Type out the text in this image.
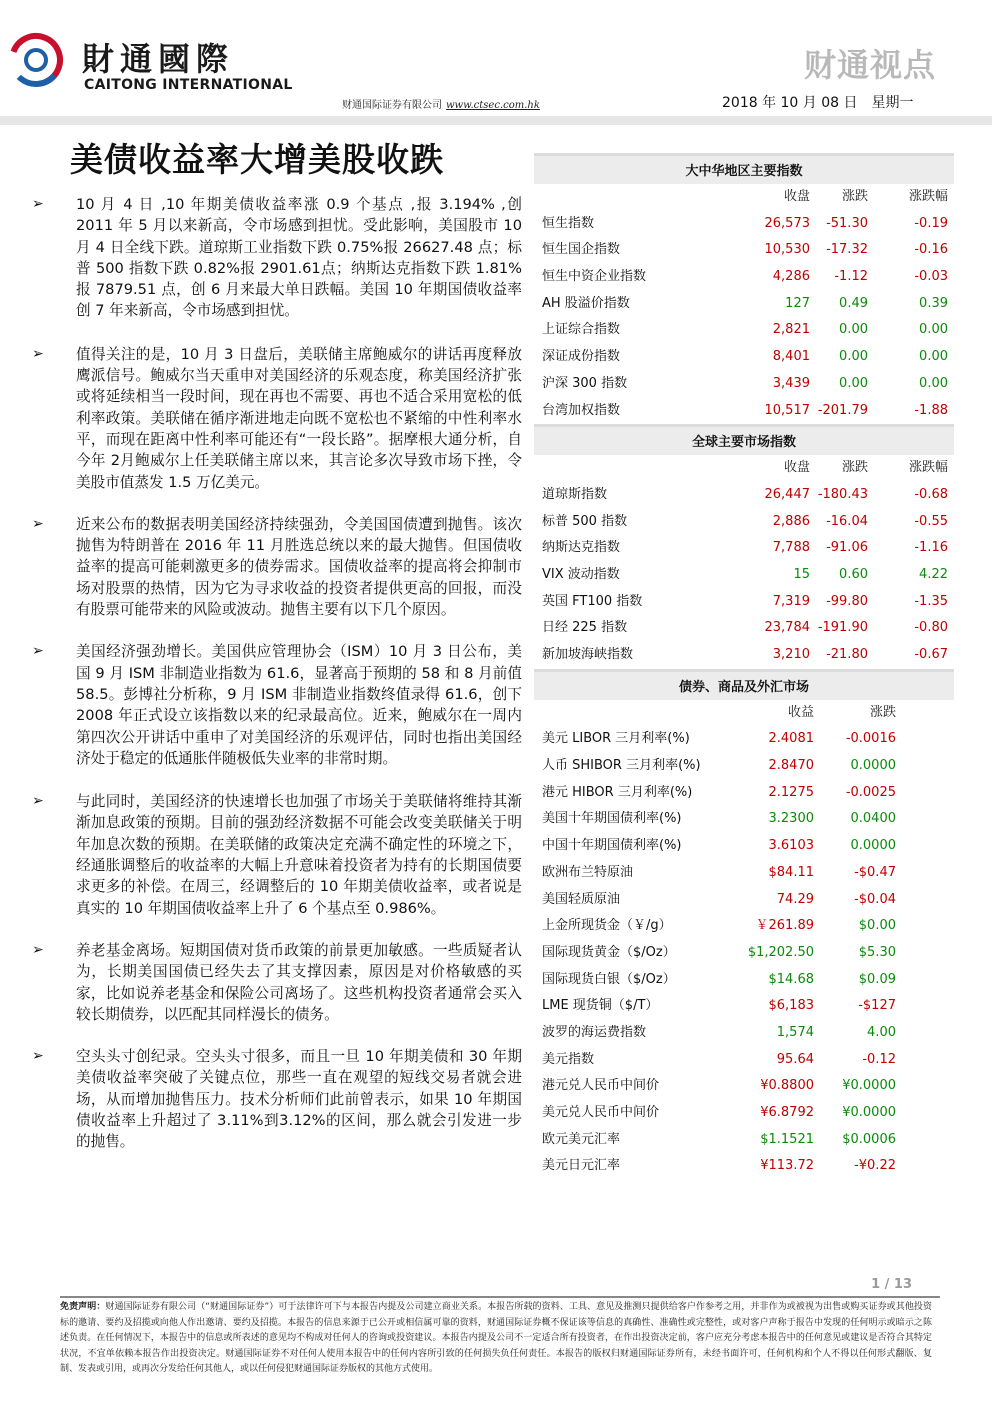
財通國際
CAITONG INTERNATIONAL
财通视点
财通国际证券有限公司 www.ctsec.com.hk	2018 年 10 月 08 日 星期一
美债收益率大增美股收跌
➢ 10 月 4 日 ,10 年期美债收益率涨 0.9 个基点 ,报 3.194% ,创 2011 年 5 月以来新高，令市场感到担忧。受此影响，美国股市 10 月 4 日全线下跌。道琼斯工业指数下跌 0.75%报 26627.48 点；标普 500 指数下跌 0.82%报 2901.61点；纳斯达克指数下跌 1.81%报 7879.51 点，创 6 月来最大单日跌幅。美国 10 年期国债收益率创 7 年来新高，令市场感到担忧。
➢ 值得关注的是，10 月 3 日盘后，美联储主席鲍威尔的讲话再度释放鹰派信号。鲍威尔当天重申对美国经济的乐观态度，称美国经济扩张或将延续相当一段时间，现在再也不需要、再也不适合采用宽松的低利率政策。美联储在循序渐进地走向既不宽松也不紧缩的中性利率水平，而现在距离中性利率可能还有“一段长路”。据摩根大通分析，自今年 2月鲍威尔上任美联储主席以来，其言论多次导致市场下挫，令美股市值蒸发 1.5 万亿美元。
➢ 近来公布的数据表明美国经济持续强劲，令美国国债遭到抛售。该次抛售为特朗普在 2016 年 11 月胜选总统以来的最大抛售。但国债收益率的提高可能刺激更多的债券需求。国债收益率的提高将会抑制市场对股票的热情，因为它为寻求收益的投资者提供更高的回报，而没有股票可能带来的风险或波动。抛售主要有以下几个原因。
➢ 美国经济强劲增长。美国供应管理协会（ISM）10 月 3 日公布，美国 9 月 ISM 非制造业指数为 61.6，显著高于预期的 58 和 8 月前值 58.5。彭博社分析称，9 月 ISM 非制造业指数终值录得 61.6，创下 2008 年正式设立该指数以来的纪录最高位。近来，鲍威尔在一周内第四次公开讲话中重申了对美国经济的乐观评估，同时也指出美国经济处于稳定的低通胀伴随极低失业率的非常时期。
➢ 与此同时，美国经济的快速增长也加强了市场关于美联储将维持其渐渐加息政策的预期。目前的强劲经济数据不可能会改变美联储关于明年加息次数的预期。在美联储的政策决定充满不确定性的环境之下，经通胀调整后的收益率的大幅上升意味着投资者为持有的长期国债要求更多的补偿。在周三，经调整后的 10 年期美债收益率，或者说是真实的 10 年期国债收益率上升了 6 个基点至 0.986%。
➢ 养老基金离场。短期国债对货币政策的前景更加敏感。一些质疑者认为，长期美国国债已经失去了其支撑因素，原因是对价格敏感的买家，比如说养老基金和保险公司离场了。这些机构投资者通常会买入较长期债券，以匹配其同样漫长的债务。
➢ 空头头寸创纪录。空头头寸很多，而且一旦 10 年期美债和 30 年期美债收益率突破了关键点位，那些一直在观望的短线交易者就会进场，从而增加抛售压力。技术分析师们此前曾表示，如果 10 年期国债收益率上升超过了 3.11%到3.12%的区间，那么就会引发进一步的抛售。
大中华地区主要指数
收盘 涨跌	涨跌幅
恒生指数	26,573 -51.30	-0.19
恒生国企指数	10,530 -17.32	-0.16
恒生中资企业指数	4,286 -1.12	-0.03
AH 股溢价指数	127 0.49	0.39
上证综合指数	2,821 0.00	0.00
深证成份指数	8,401 0.00	0.00
沪深 300 指数	3,439 0.00	0.00
台湾加权指数	10,517 -201.79	-1.88
全球主要市场指数
收盘 涨跌	涨跌幅
道琼斯指数	26,447 -180.43	-0.68
标普 500 指数	2,886 -16.04	-0.55
纳斯达克指数	7,788 -91.06	-1.16
VIX 波动指数	15 0.60	4.22
英国 FT100 指数	7,319 -99.80	-1.35
日经 225 指数	23,784 -191.90	-0.80
新加坡海峡指数	3,210 -21.80	-0.67
债券、商品及外汇市场
收益	涨跌
美元 LIBOR 三月利率(%)	2.4081 -0.0016
人币 SHIBOR 三月利率(%)	2.8470	0.0000
港元 HIBOR 三月利率(%)	2.1275 -0.0025
美国十年期国债利率(%)	3.2300	0.0400
中国十年期国债利率(%)	3.6103	0.0000
欧洲布兰特原油	$84.11	-$0.47
美国轻质原油	74.29	-$0.04
上金所现货金（￥/g）	￥261.89	$0.00
国际现货黄金（$/Oz）	$1,202.50	$5.30
国际现货白银（$/Oz）	$14.68	$0.09
LME 现货铜（$/T）	$6,183	-$127
波罗的海运费指数	1,574	4.00
美元指数	95.64	-0.12
港元兑人民币中间价	¥0.8800 ¥0.0000
美元兑人民币中间价	¥6.8792 ¥0.0000
欧元美元汇率	$1.1521 $0.0006
美元日元汇率	¥113.72	-¥0.22
1 / 13
免责声明：财通国际证券有限公司（“财通国际证券”）可于法律许可下与本报告内提及公司建立商业关系。本报告所载的资料、工具、意见及推测只提供给客户作参考之用，并非作为或被视为出售或购买证券或其他投资标的邀请、要约及招揽或向他人作出邀请、要约及招揽。本报告的信息来源于已公开或相信属可靠的资料，财通国际证券概不保证该等信息的真确性、准确性或完整性，或对客户声称于报告中发现的任何明示或暗示之陈述负责。在任何情况下，本报告中的信息或所表述的意见均不构成对任何人的咨询或投资建议。本报告内提及公司不一定适合所有投资者，在作出投资决定前，客户应充分考虑本报告中的任何意见或建议是否符合其特定状况，不宜单依赖本报告作出投资决定。财通国际证券不对任何人使用本报告中的任何内容所引致的任何损失负任何责任。本报告的版权归财通国际证券所有，未经书面许可，任何机构和个人不得以任何形式翻版、复制、发表或引用，或再次分发给任何其他人，或以任何侵犯财通国际证券版权的其他方式使用。
